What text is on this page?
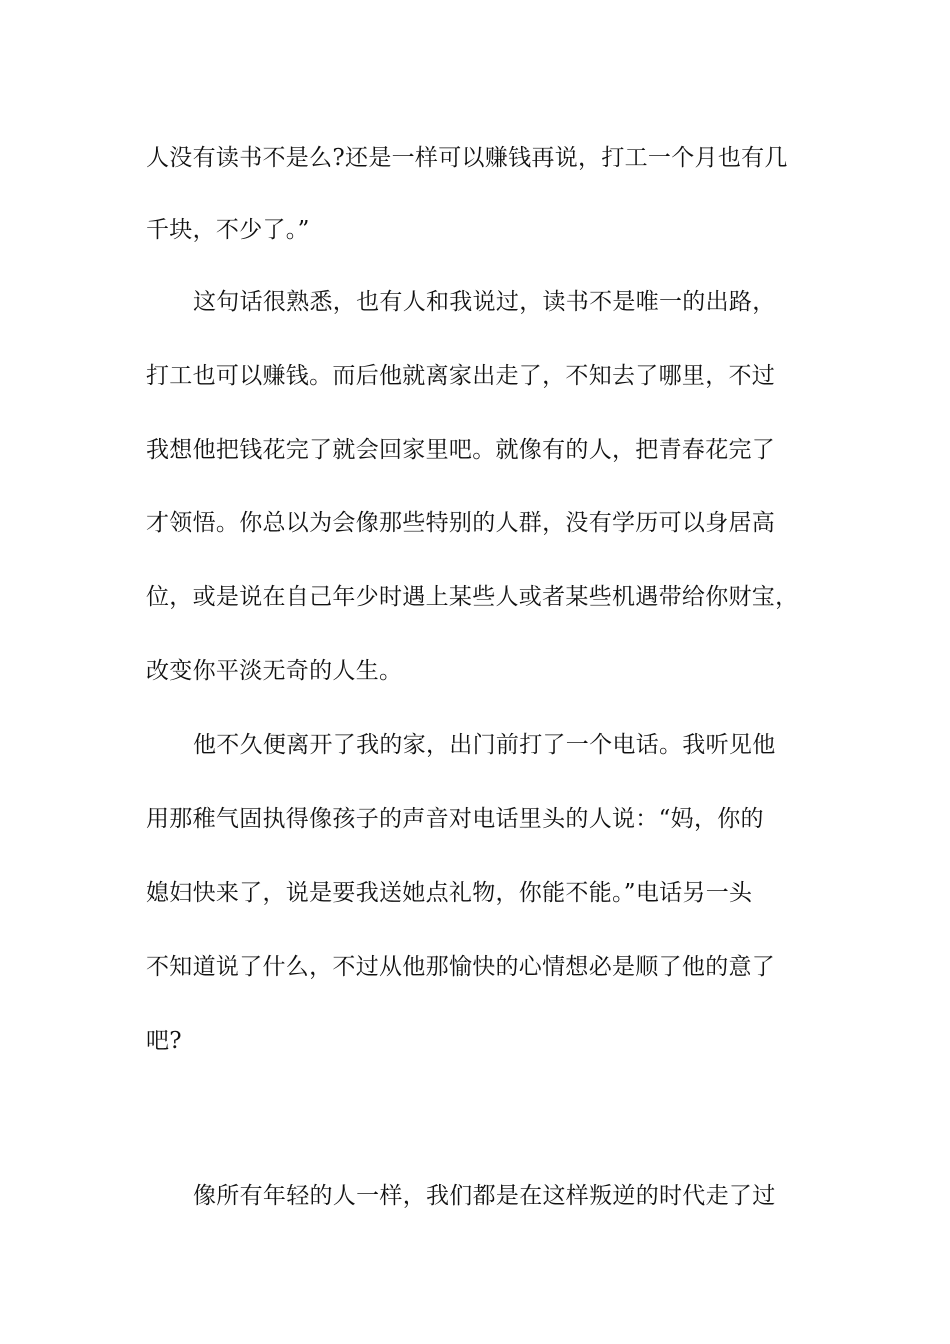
人没有读书不是么?还是一样可以赚钱再说，打工一个月也有几
千块，不少了。”
这句话很熟悉，也有人和我说过，读书不是唯一的出路，
打工也可以赚钱。而后他就离家出走了，不知去了哪里，不过
我想他把钱花完了就会回家里吧。就像有的人，把青春花完了
才领悟。你总以为会像那些特别的人群，没有学历可以身居高
位，或是说在自己年少时遇上某些人或者某些机遇带给你财宝，
改变你平淡无奇的人生。
他不久便离开了我的家，出门前打了一个电话。我听见他
用那稚气固执得像孩子的声音对电话里头的人说：“妈，你的
媳妇快来了，说是要我送她点礼物，你能不能。”电话另一头
不知道说了什么，不过从他那愉快的心情想必是顺了他的意了
吧?
像所有年轻的人一样，我们都是在这样叛逆的时代走了过
